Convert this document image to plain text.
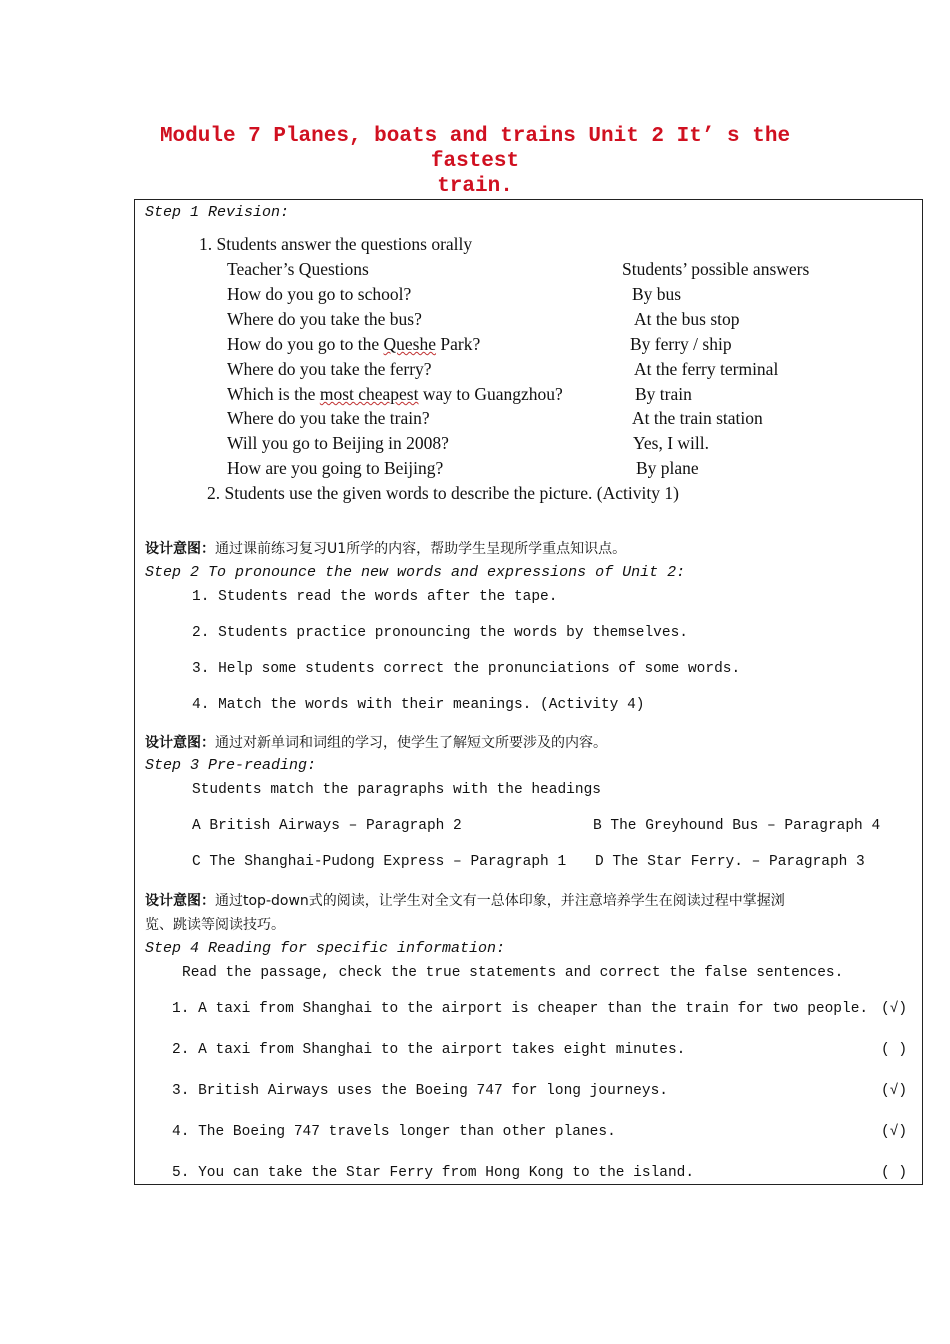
Module 7 Planes, boats and trains Unit 2 It’ s the fastest
train.
Step 1 Revision:
1. Students answer the questions orally
Teacher’s Questions	Students’ possible answers
How do you go to school?	By bus
Where do you take the bus?	At the bus stop
How do you go to the Queshe Park?	By ferry / ship
Where do you take the ferry?	At the ferry terminal
Which is the most cheapest way to Guangzhou?	By train
Where do you take the train?	At the train station
Will you go to Beijing in 2008?	Yes, I will.
How are you going to Beijing?	By plane
2. Students use the given words to describe the picture. (Activity 1)
设计意图：通过课前练习复习U1所学的内容，帮助学生呈现所学重点知识点。
Step 2 To pronounce the new words and expressions of Unit 2:
1. Students read the words after the tape.
2. Students practice pronouncing the words by themselves.
3. Help some students correct the pronunciations of some words.
4. Match the words with their meanings. (Activity 4)
设计意图：通过对新单词和词组的学习，使学生了解短文所要涉及的内容。
Step 3 Pre-reading:
Students match the paragraphs with the headings
A British Airways – Paragraph 2	B The Greyhound Bus – Paragraph 4
C The Shanghai-Pudong Express – Paragraph 1 D The Star Ferry. – Paragraph 3
设计意图：通过top-down式的阅读，让学生对全文有一总体印象，并注意培养学生在阅读过程中掌握浏
览、跳读等阅读技巧。
Step 4 Reading for specific information:
Read the passage, check the true statements and correct the false sentences.
1. A taxi from Shanghai to the airport is cheaper than the train for two people. (√)
2. A taxi from Shanghai to the airport takes eight minutes.	( )
3. British Airways uses the Boeing 747 for long journeys.	(√)
4. The Boeing 747 travels longer than other planes.	(√)
5. You can take the Star Ferry from Hong Kong to the island.	( )
